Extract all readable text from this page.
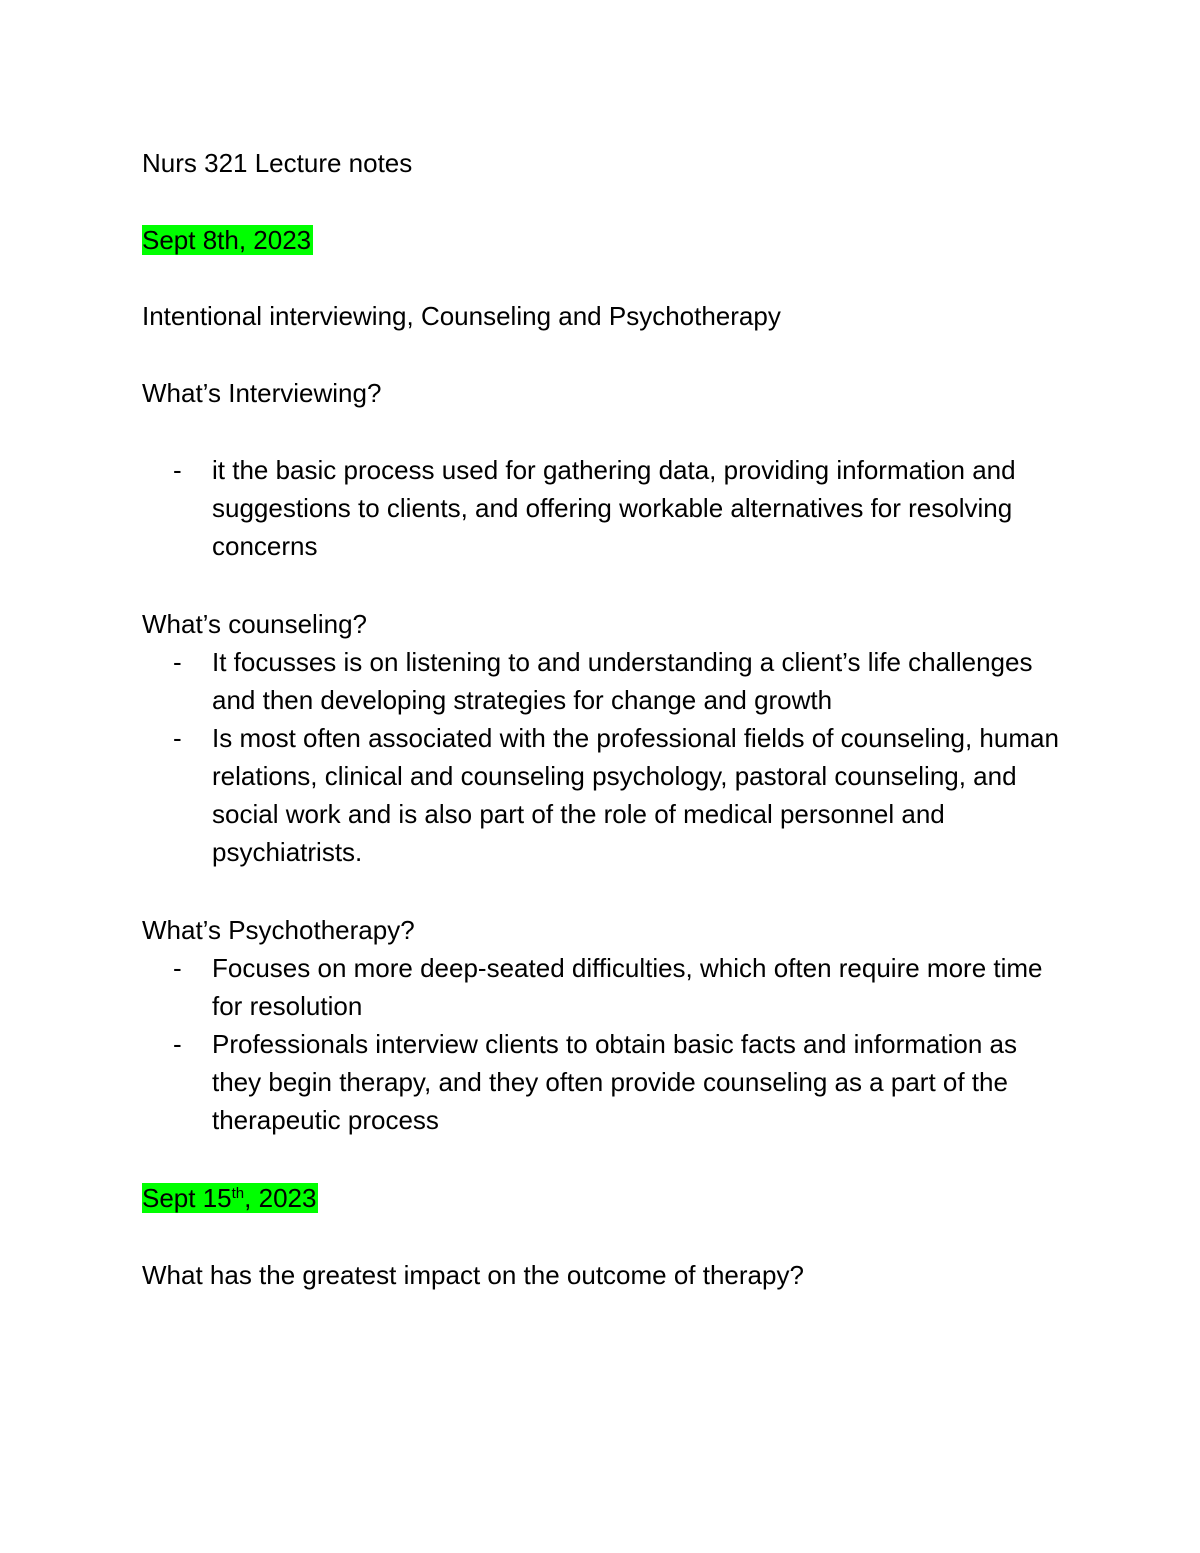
Nurs 321 Lecture notes

Sept 8th, 2023

Intentional interviewing, Counseling and Psychotherapy

What’s Interviewing?

- it the basic process used for gathering data, providing information and suggestions to clients, and offering workable alternatives for resolving concerns

What’s counseling?

- It focusses is on listening to and understanding a client’s life challenges and then developing strategies for change and growth

- Is most often associated with the professional fields of counseling, human relations, clinical and counseling psychology, pastoral counseling, and social work and is also part of the role of medical personnel and psychiatrists.

What’s Psychotherapy?

- Focuses on more deep-seated difficulties, which often require more time for resolution

- Professionals interview clients to obtain basic facts and information as they begin therapy, and they often provide counseling as a part of the therapeutic process

Sept 15th, 2023

What has the greatest impact on the outcome of therapy?
